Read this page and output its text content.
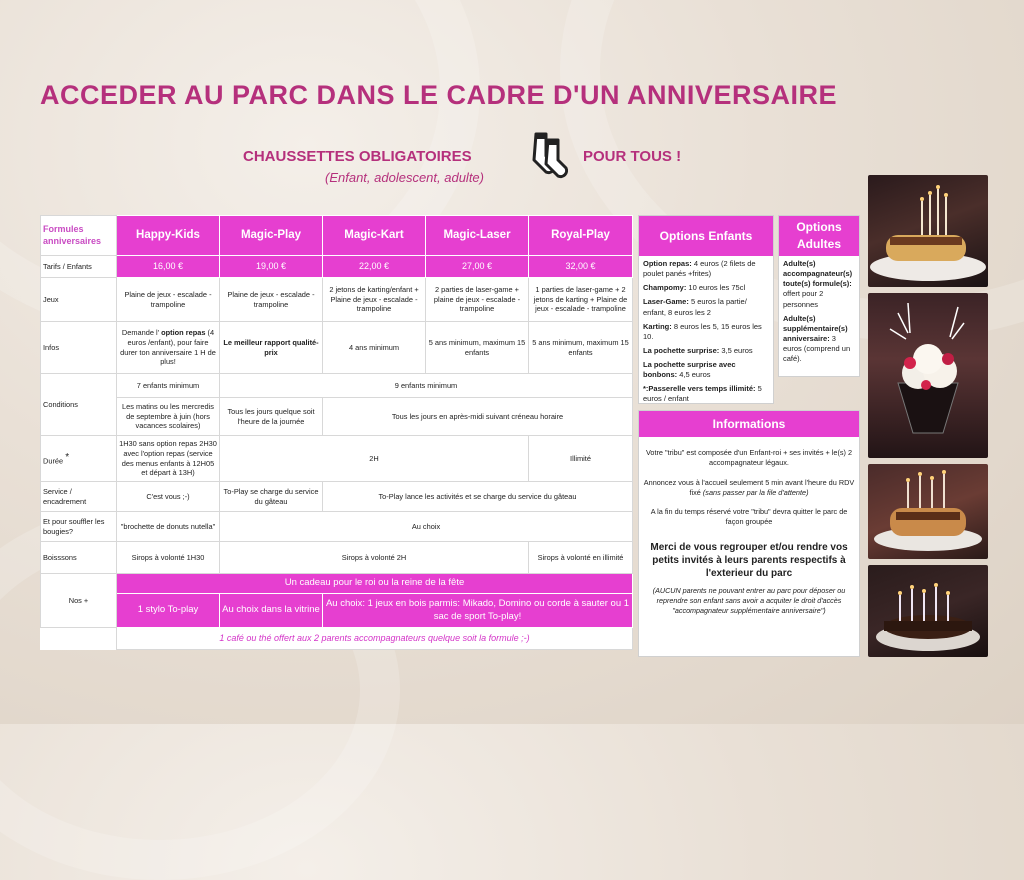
ACCEDER AU PARC DANS LE CADRE D'UN ANNIVERSAIRE
CHAUSSETTES OBLIGATOIRES	POUR TOUS !
(Enfant, adolescent, adulte)
Formules anniversaires	Happy-Kids	Magic-Play	Magic-Kart	Magic-Laser	Royal-Play
Tarifs / Enfants	16,00 €	19,00 €	22,00 €	27,00 €	32,00 €
Jeux	Plaine de jeux - escalade - trampoline	Plaine de jeux - escalade - trampoline	2 jetons de karting/enfant + Plaine de jeux - escalade - trampoline	2 parties de laser-game + plaine de jeux - escalade - trampoline	1 parties de laser-game + 2 jetons de karting + Plaine de jeux - escalade - trampoline
Infos	Demande l' option repas (4 euros /enfant), pour faire durer ton anniversaire 1 H de plus!	Le meilleur rapport qualité-prix	4 ans minimum	5 ans minimum, maximum 15 enfants	5 ans minimum, maximum 15 enfants
Conditions	7 enfants minimum	9 enfants minimum			
	Les matins ou les mercredis de septembre à juin (hors vacances scolaires)	Tous les jours quelque soit l'heure de la journée	Tous les jours en après-midi suivant créneau horaire		
Durée *	1H30 sans option repas 2H30 avec l'option repas (service des menus enfants à 12H05 et départ à 13H)	2H			Illimité
Service / encadrement	C'est vous ;-)	To-Play se charge du service du gâteau	To-Play lance les activités et se charge du service du gâteau		
Et pour souffler les bougies?	"brochette de donuts nutella"	Au choix			
Boisssons	Sirops à volonté 1H30	Sirops à volonté 2H			Sirops à volonté en illimité
Nos +	Un cadeau pour le roi ou la reine de la fête				
	1 stylo To-play	Au choix dans la vitrine	Au choix: 1 jeux en bois parmis: Mikado, Domino ou corde à sauter ou 1 sac de sport To-play!		
	1 café ou thé offert aux 2 parents accompagnateurs quelque soit la formule ;-)				
Options Enfants
Option repas: 4 euros (2 filets de poulet panés +frites)
Champomy: 10 euros les 75cl
Laser-Game: 5 euros la partie/ enfant, 8 euros les 2
Karting: 8 euros les 5, 15 euros les 10.
La pochette surprise: 3,5 euros
La pochette surprise avec bonbons: 4,5 euros
*:Passerelle vers temps illimité: 5 euros / enfant
Options Adultes
Adulte(s) accompagnateur(s) toute(s) formule(s): offert pour 2 personnes
Adulte(s) supplémentaire(s) anniversaire: 3 euros (comprend un café).
Informations

Votre "tribu" est composée d'un Enfant-roi + ses invités + le(s) 2 accompagnateur légaux.

Annoncez vous à l'accueil seulement 5 min avant l'heure du RDV fixé (sans passer par la file d'attente)

A la fin du temps réservé votre "tribu" devra quitter le parc de façon groupée

Merci de vous regrouper et/ou rendre vos petits invités à leurs parents respectifs à l'exterieur du parc

(AUCUN parents ne pouvant entrer au parc pour déposer ou reprendre son enfant sans avoir a acquiter le droit d'accès "accompagnateur supplémentaire anniversaire")
